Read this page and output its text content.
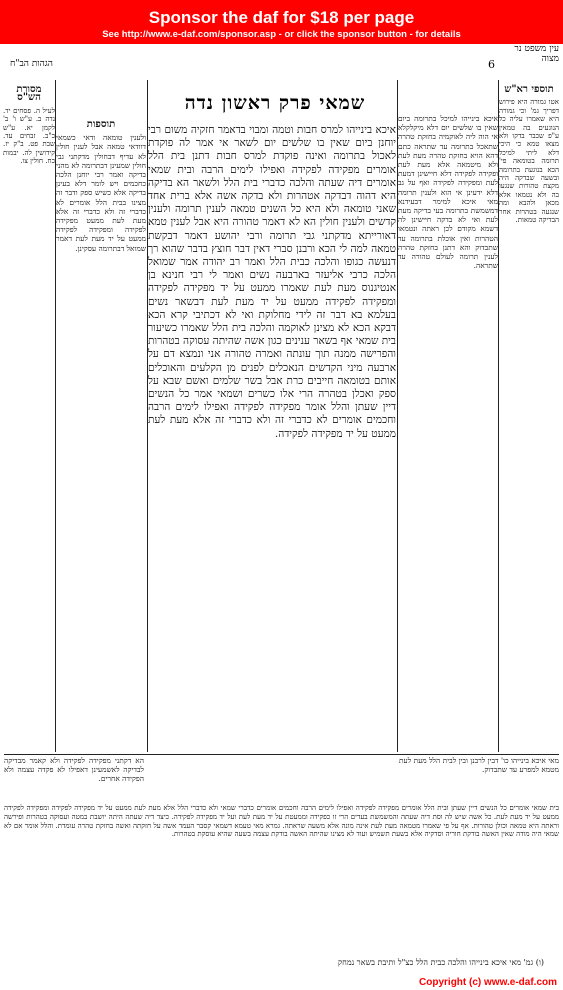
Sponsor the daf for $18 per page
See http://www.e-daf.com/sponsor.asp - or click the sponsor button - for details
הגהות הב"ח	6
עין משפט נר מצוה
שמאי פרק ראשון נדה
תוספי רא"ש
אטו גמורה היא פירוש דפריך גמ' וכי גמורה היא שאמרו עליה כל הנוגעים בה טמאין ע"פ שכבר בדקו ולא מצאו טמא כי היכי דלא ליתי למיכל תרומה בטומאה פי' הכא בנוגעת בתרומה ובשעה שבדקה היה מקצת טהורות שנגעו בה ולא נטמאו אלא מכאן ולהבא ומה שנגעה בטהרות אחר הבדיקה טמאות.
איכא בינייהו למיכל בתרומה ביום שאין בו שלשים יום דלא מיקלקלא אי הוה ליה לאוקמיה בחזקת טהרה שתאכל בתרומה עד שתראה כתם דהא הויא בחזקת טהרה מעת לעת ולא מיטמאה אלא מעת לעת ופקידה לפקידה דלא חיישינן דמעת לעת ומפקידה לפקידה ואף על גב דלא ידעינן אי הוא ולענין תרומה מאי איכא למימר דבעידנא דמשמשת בתרומה בעי בדיקה מעת לעת ואי לא בדקה חיישינן לה דשמא מקודם לכן ראתה ונטמאו הטהרות ואין אוכלת בתרומה עד שתבדוק והא דתנן בחזקת טהרה לענין תרומה לעולם טהורה עד שתראה.
איכא בינייהו למרס חבות וטמה ומבוי בדאמר חזקיה משום רבי יוחנן ביום שאין בו שלשים יום לשאר אי אמר לה פוקדת לאכול בתרומה ואינה פוקדת למרס חבות דתנן בית הלל אומרים מפקידה לפקידה ואפילו לימים הרבה ובית שמאי אומרים דיה שעתה והלכה כדברי בית הלל ולשאר הא בדיקה היא דהוה דבדקה אטהרות ולא בדקה אשה אלא ברית אחד שאני טומאה ולא היא כל השנים טמאה לענין תרומה ולענין קדשים ולענין חולין הא לא דאמר טהורה היא אבל לענין טמא דאורייתא מדקתני גבי תרומה ורבי יהושע דאמר דבקשת טמאה למה לי הכא ורבנן סברי דאין דבר חוצץ בדבר שהוא רך דנעשה כגופו והלכה כבית הלל ואמר רב יהודה אמר שמואל הלכה כרבי אליעזר בארבעה נשים ואמר לי רבי חנינא בן אנטיגנוס מעת לעת שאמרו ממעט על יד מפקידה לפקידה ומפקידה לפקידה ממעט על יד מעת לעת דבשאר נשים בעלמא בא דבר זה לידי מחלוקת ואי לא דכתיבי קרא הכא דבקא הכא לא מצינן לאוקמה והלכה בית הלל שאמרו כשיעור בית שמאי אף בשאר ענינים כגון אשה שהיתה עסוקה בטהרות והפרישה ממנה תוך עונתה ואמרה טהורה אני ונמצא דם על ארבעה מיני הקדשים הנאכלים לפנים מן הקלעים והאוכלים אותם בטומאה חייבים כרת אבל בשר שלמים ואשם שבא על ספק ואכלן בטהרה הרי אלו כשרים ושמאי אמר כל הנשים דיין שעתן והלל אומר מפקידה לפקידה ואפילו לימים הרבה וחכמים אומרים לא כדברי זה ולא כדברי זה אלא מעת לעת ממעט על יד מפקידה לפקידה.
תוספות
ולענין טומאה ודאי כשמאי דוודאי טמאה אבל לענין חולין לא עדיף דבחולין מדקתני גבי חולין שמעינן דבתרומה לא מהני בדיקה ואמר רבי יוחנן הלכה כחכמים ויש לומר דלא בעינן בדיקה אלא כשיש ספק ודבר זה מצינו בבית הלל אומרים לא כדברי זה ולא כדברי זה אלא מעת לעת ממעט מפקידה לפקידה ומפקידה לפקידה ממעט על יד מעת לעת דאמר שמואל דבתרומה עסקינן.
מסורת הש"ס
לעיל ה. פסחים יד. נדה ב. ע"ש ו' ב' לקמן יא. ע"ש כ"ב. זבחים עד. שבת פט. ב"ק יז. קידושין לה. יבמות כח. חולין צו.
הא דקתני מפקידה לפקידה ולא קאמר מבדיקה לבדיקה לאשמעינן דאפילו לא פקדה עצמה ולא הפקידה אחרים.
מאי איכא בינייהו כו' דבין לרבנן ובין לבית הלל מעת לעת מטמא למפרע עד שתבדוק.
בית שמאי אומרים כל הנשים דיין שעתן ובית הלל אומרים מפקידה לפקידה ואפילו לימים הרבה וחכמים אומרים כדברי שמאי ולא כדברי הלל אלא מעת לעת ממעט על יד מפקידה לפקידה ומפקידה לפקידה ממעט על יד מעת לעת. כל אשה שיש לה וסת דיה שעתה והמשמשת בעדים הרי זו כפקידה וממעטת על יד מעת לעת ועל יד מפקידה לפקידה. כיצד דיה שעתה היתה יושבת במטה ועסוקה בטהרות ופירשה וראתה היא טמאה וכולן טהורות. אף על פי שאמרו מטמאה מעת לעת אינה מונה אלא משעה שראתה. גמרא מאי טעמא דשמאי קסבר העמד אשה על חזקתה ואשה בחזקת טהרה עומדת. והלל אומר אם לא שמאי היה מודה שאין האשה בודקת חוריה וסדקיה אלא בשעת תשמיש ועוד לא מצינו שהיתה האשה בודקת עצמה בשעה שהיא עוסקת בטהרות.
(ו) גמ' מאי איכא בינייהו והלכה כבית הלל כצ"ל ותיבת בשאר נמחק
Copyright (c) www.e-daf.com
